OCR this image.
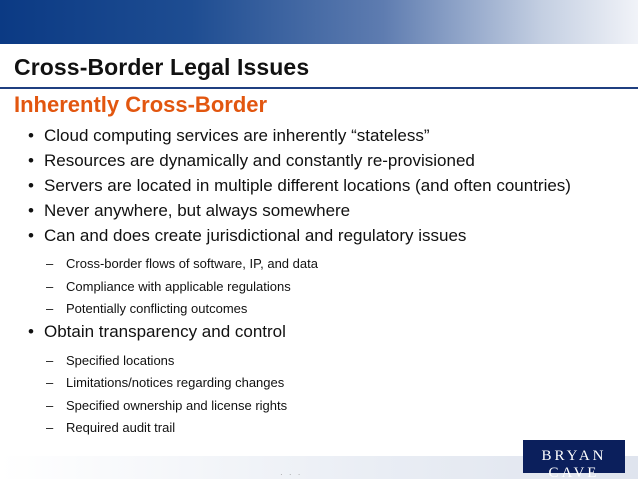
Cross-Border Legal Issues
Inherently Cross-Border
• Cloud computing services are inherently “stateless”
• Resources are dynamically and constantly re-provisioned
• Servers are located in multiple different locations (and often countries)
• Never anywhere, but always somewhere
• Can and does create jurisdictional and regulatory issues
– Cross-border flows of software, IP, and data
– Compliance with applicable regulations
– Potentially conflicting outcomes
• Obtain transparency and control
– Specified locations
– Limitations/notices regarding changes
– Specified ownership and license rights
– Required audit trail
· · ·
BRYAN CAVE
